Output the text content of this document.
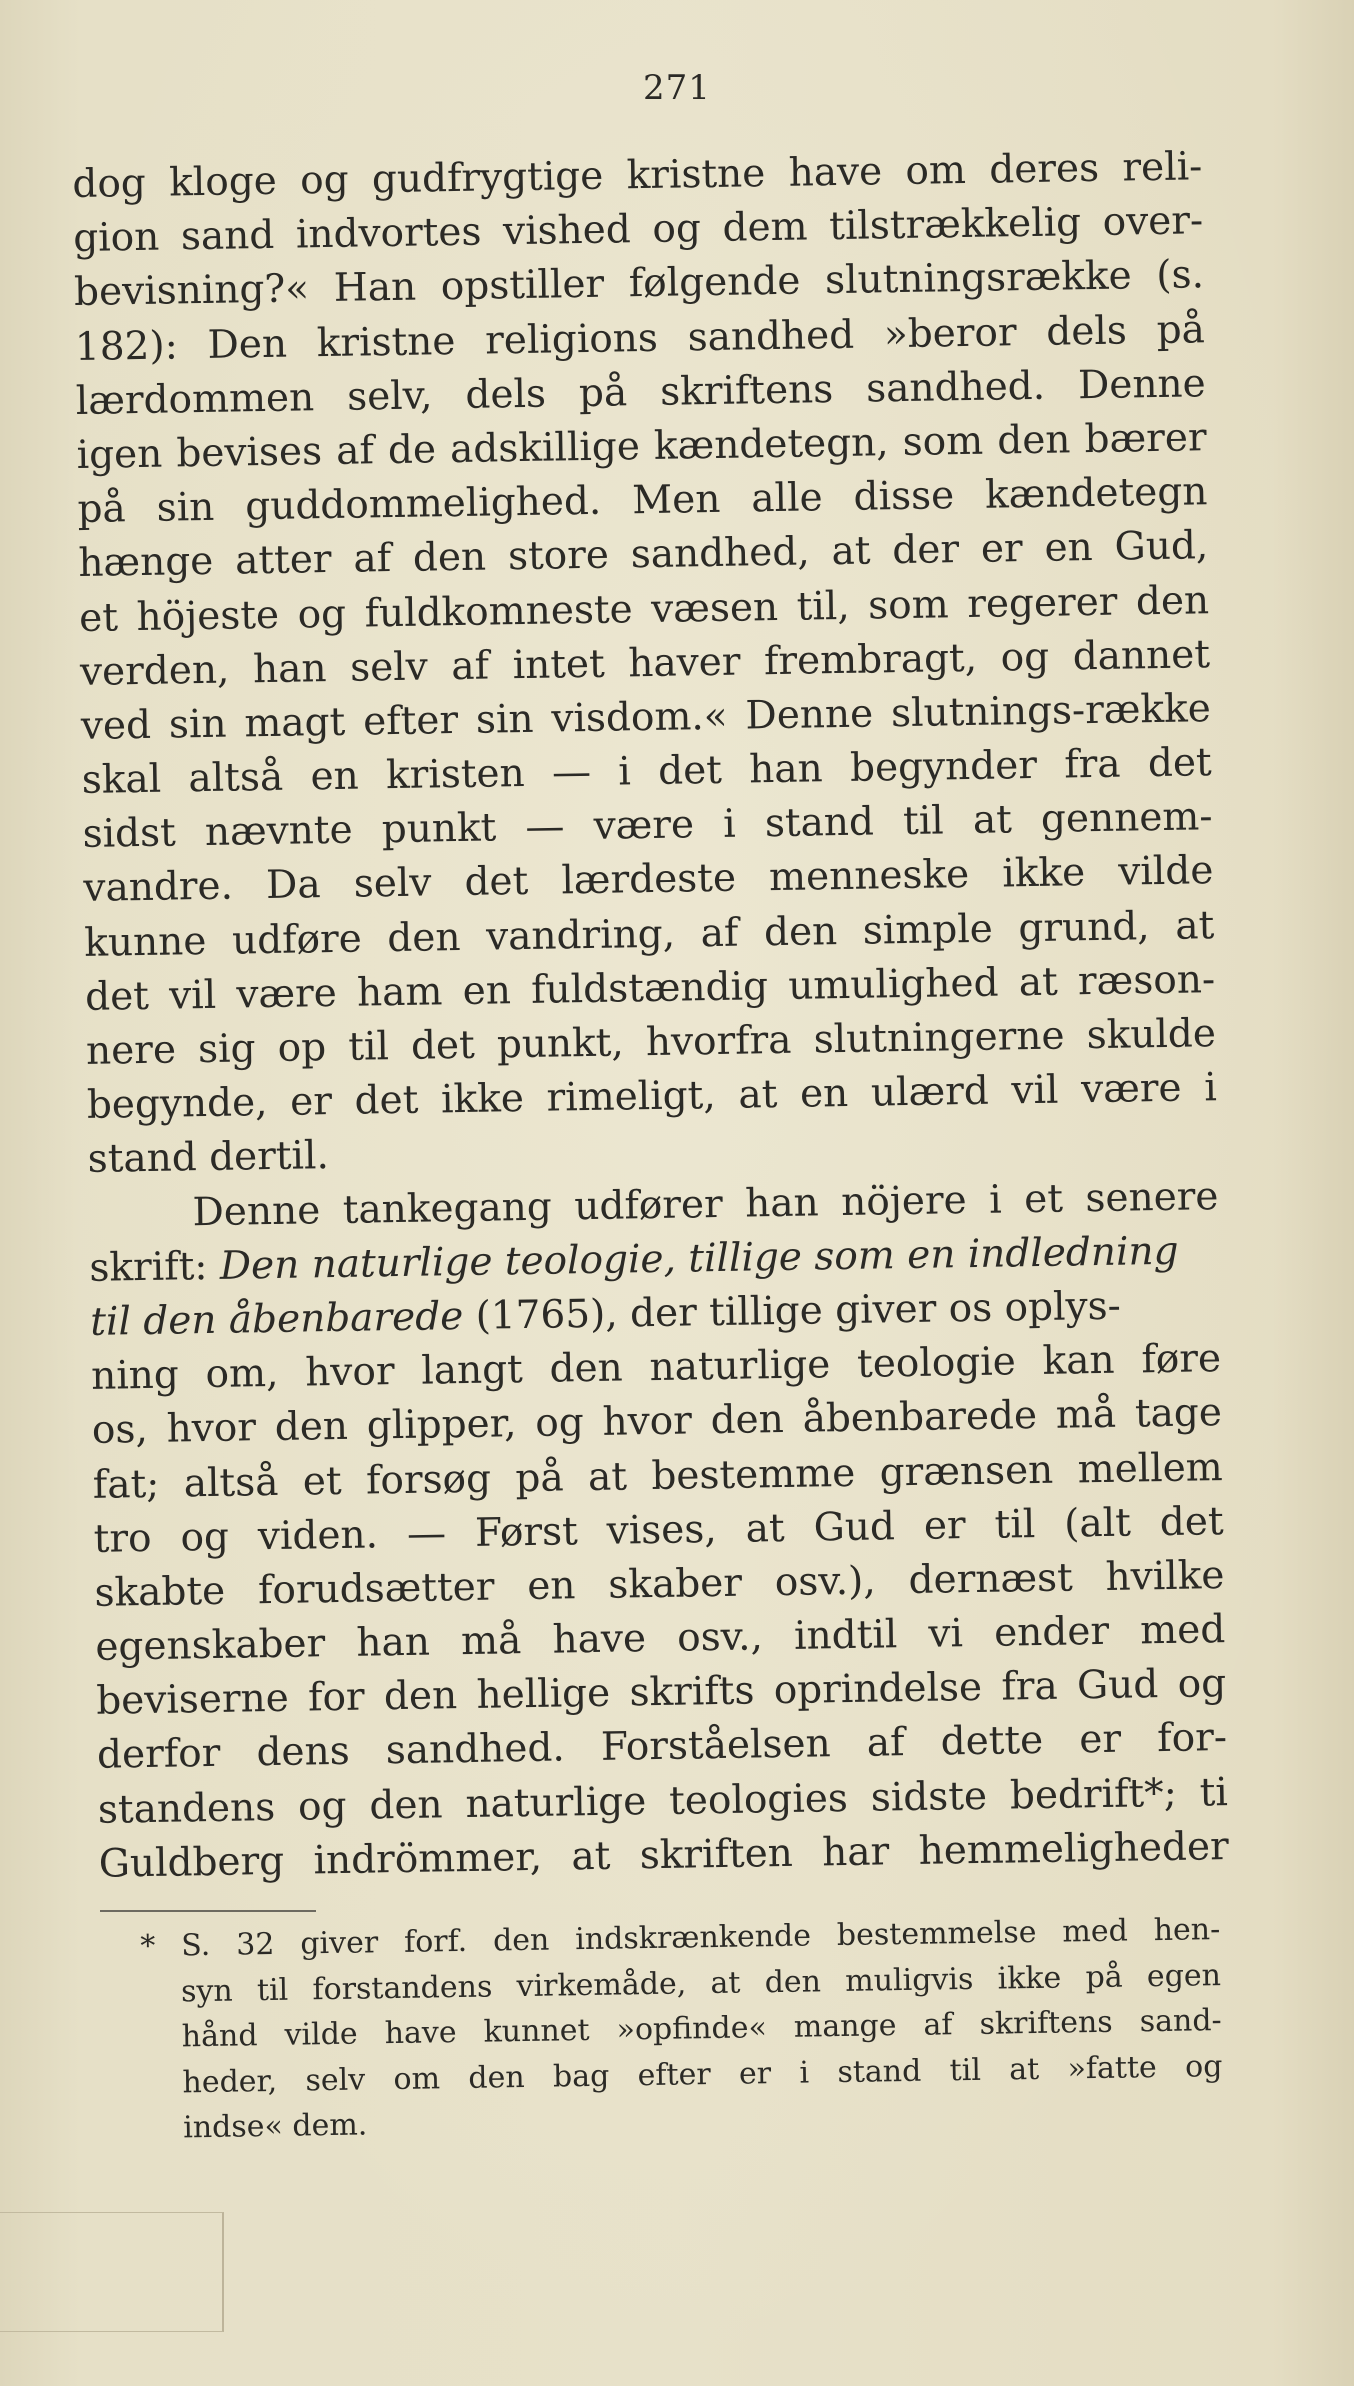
271
dog kloge og gudfrygtige kristne have om deres reli-
gion sand indvortes vished og dem tilstrækkelig over-
bevisning?« Han opstiller følgende slutningsrække (s.
182): Den kristne religions sandhed »beror dels på
lærdommen selv, dels på skriftens sandhed. Denne
igen bevises af de adskillige kændetegn, som den bærer
på sin guddommelighed. Men alle disse kændetegn
hænge atter af den store sandhed, at der er en Gud,
et höjeste og fuldkomneste væsen til, som regerer den
verden, han selv af intet haver frembragt, og dannet
ved sin magt efter sin visdom.« Denne slutnings-række
skal altså en kristen — i det han begynder fra det
sidst nævnte punkt — være i stand til at gennem-
vandre. Da selv det lærdeste menneske ikke vilde
kunne udføre den vandring, af den simple grund, at
det vil være ham en fuldstændig umulighed at ræson-
nere sig op til det punkt, hvorfra slutningerne skulde
begynde, er det ikke rimeligt, at en ulærd vil være i
stand dertil.
Denne tankegang udfører han nöjere i et senere
skrift: Den naturlige teologie, tillige som en indledning
til den åbenbarede (1765), der tillige giver os oplys-
ning om, hvor langt den naturlige teologie kan føre
os, hvor den glipper, og hvor den åbenbarede må tage
fat; altså et forsøg på at bestemme grænsen mellem
tro og viden. — Først vises, at Gud er til (alt det
skabte forudsætter en skaber osv.), dernæst hvilke
egenskaber han må have osv., indtil vi ender med
beviserne for den hellige skrifts oprindelse fra Gud og
derfor dens sandhed. Forståelsen af dette er for-
standens og den naturlige teologies sidste bedrift*; ti
Guldberg indrömmer, at skriften har hemmeligheder
* S. 32 giver forf. den indskrænkende bestemmelse med hen-
syn til forstandens virkemåde, at den muligvis ikke på egen
hånd vilde have kunnet »opfinde« mange af skriftens sand-
heder, selv om den bag efter er i stand til at »fatte og
indse« dem.
